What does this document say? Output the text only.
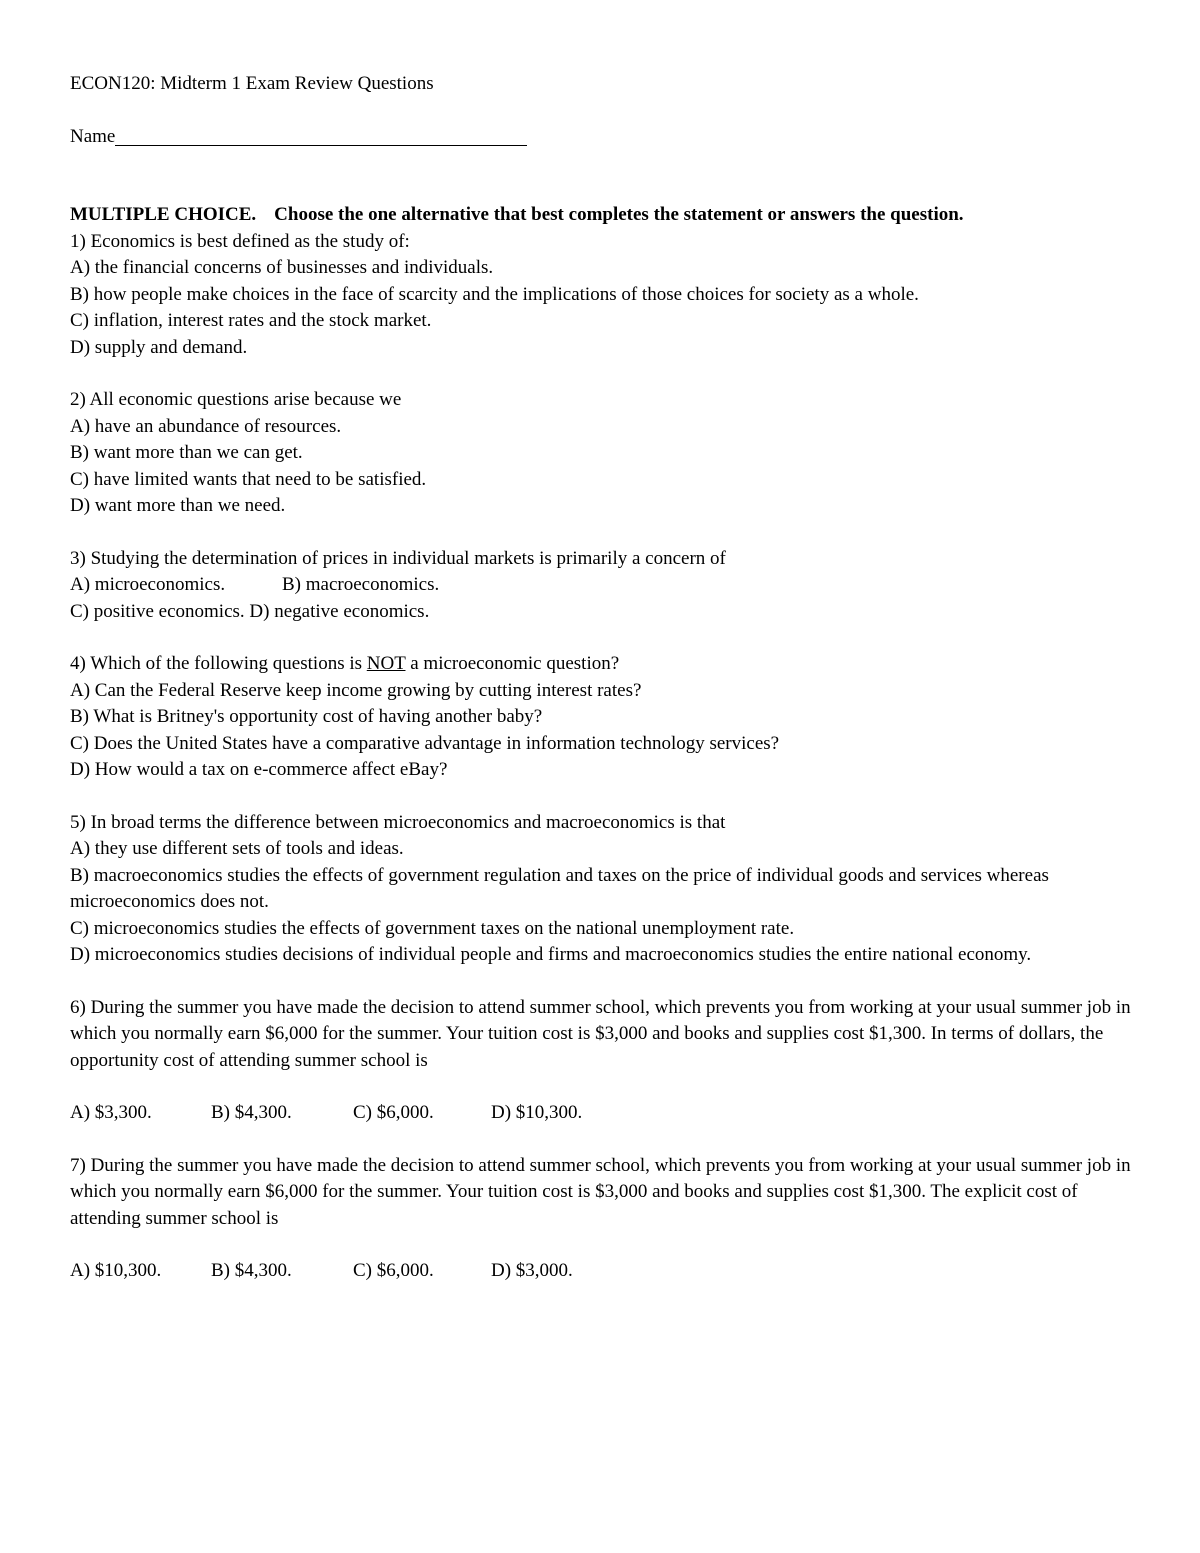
ECON120: Midterm 1 Exam Review Questions
Name
MULTIPLE CHOICE. Choose the one alternative that best completes the statement or answers the question.
1) Economics is best defined as the study of:
A) the financial concerns of businesses and individuals.
B) how people make choices in the face of scarcity and the implications of those choices for society as a whole.
C) inflation, interest rates and the stock market.
D) supply and demand.
2) All economic questions arise because we
A) have an abundance of resources.
B) want more than we can get.
C) have limited wants that need to be satisfied.
D) want more than we need.
3) Studying the determination of prices in individual markets is primarily a concern of
A) microeconomics.	B) macroeconomics.
C) positive economics. D) negative economics.
4) Which of the following questions is NOT a microeconomic question?
A) Can the Federal Reserve keep income growing by cutting interest rates?
B) What is Britney's opportunity cost of having another baby?
C) Does the United States have a comparative advantage in information technology services?
D) How would a tax on e-commerce affect eBay?
5) In broad terms the difference between microeconomics and macroeconomics is that
A) they use different sets of tools and ideas.
B) macroeconomics studies the effects of government regulation and taxes on the price of individual goods and services whereas microeconomics does not.
C) microeconomics studies the effects of government taxes on the national unemployment rate.
D) microeconomics studies decisions of individual people and firms and macroeconomics studies the entire national economy.
6) During the summer you have made the decision to attend summer school, which prevents you from working at your usual summer job in which you normally earn $6,000 for the summer. Your tuition cost is $3,000 and books and supplies cost $1,300. In terms of dollars, the opportunity cost of attending summer school is
A) $3,300.	B) $4,300.	C) $6,000.	D) $10,300.
7) During the summer you have made the decision to attend summer school, which prevents you from working at your usual summer job in which you normally earn $6,000 for the summer. Your tuition cost is $3,000 and books and supplies cost $1,300. The explicit cost of attending summer school is
A) $10,300.	B) $4,300.	C) $6,000.	D) $3,000.
